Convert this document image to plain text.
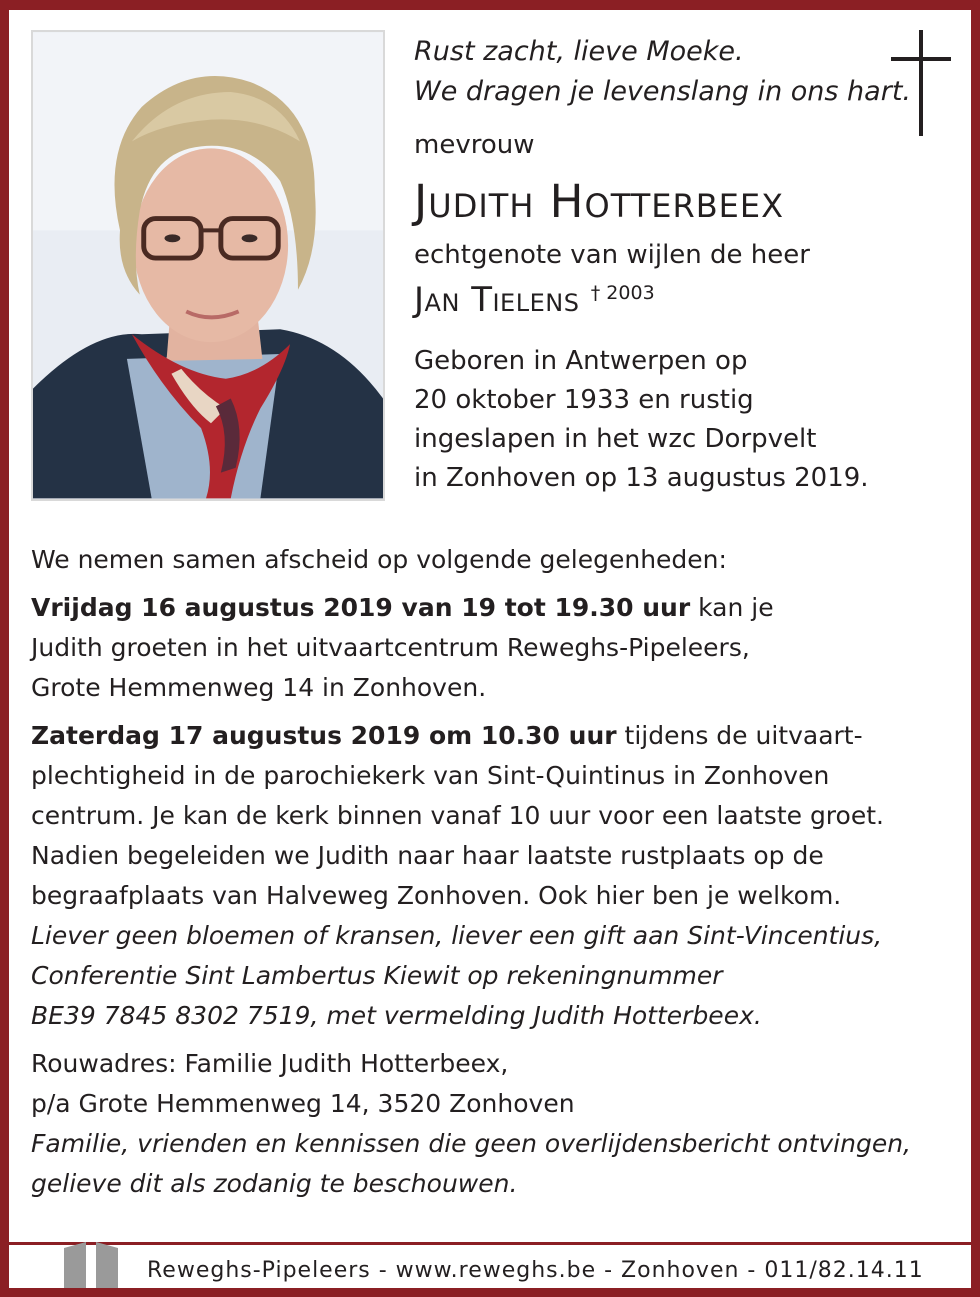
Rust zacht, lieve Moeke.
We dragen je levenslang in ons hart.
mevrouw
Judith Hotterbeex
echtgenote van wijlen de heer
Jan Tielens $^{\dagger 2003}$
Geboren in Antwerpen op
20 oktober 1933 en rustig
ingeslapen in het wzc Dorpvelt
in Zonhoven op 13 augustus 2019.

We nemen samen afscheid op volgende gelegenheden:

Vrijdag 16 augustus 2019 van 19 tot 19.30 uur kan je
Judith groeten in het uitvaartcentrum Reweghs-Pipeleers,
Grote Hemmenweg 14 in Zonhoven.

Zaterdag 17 augustus 2019 om 10.30 uur tijdens de uitvaart-
plechtigheid in de parochiekerk van Sint-Quintinus in Zonhoven
centrum. Je kan de kerk binnen vanaf 10 uur voor een laatste groet.
Nadien begeleiden we Judith naar haar laatste rustplaats op de
begraafplaats van Halveweg Zonhoven. Ook hier ben je welkom.

Liever geen bloemen of kransen, liever een gift aan Sint-Vincentius,
Conferentie Sint Lambertus Kiewit op rekeningnummer
BE39 7845 8302 7519, met vermelding Judith Hotterbeex.

Rouwadres: Familie Judith Hotterbeex,
p/a Grote Hemmenweg 14, 3520 Zonhoven

Familie, vrienden en kennissen die geen overlijdensbericht ontvingen,
gelieve dit als zodanig te beschouwen.

Reweghs-Pipeleers - www.reweghs.be - Zonhoven - 011/82.14.11
